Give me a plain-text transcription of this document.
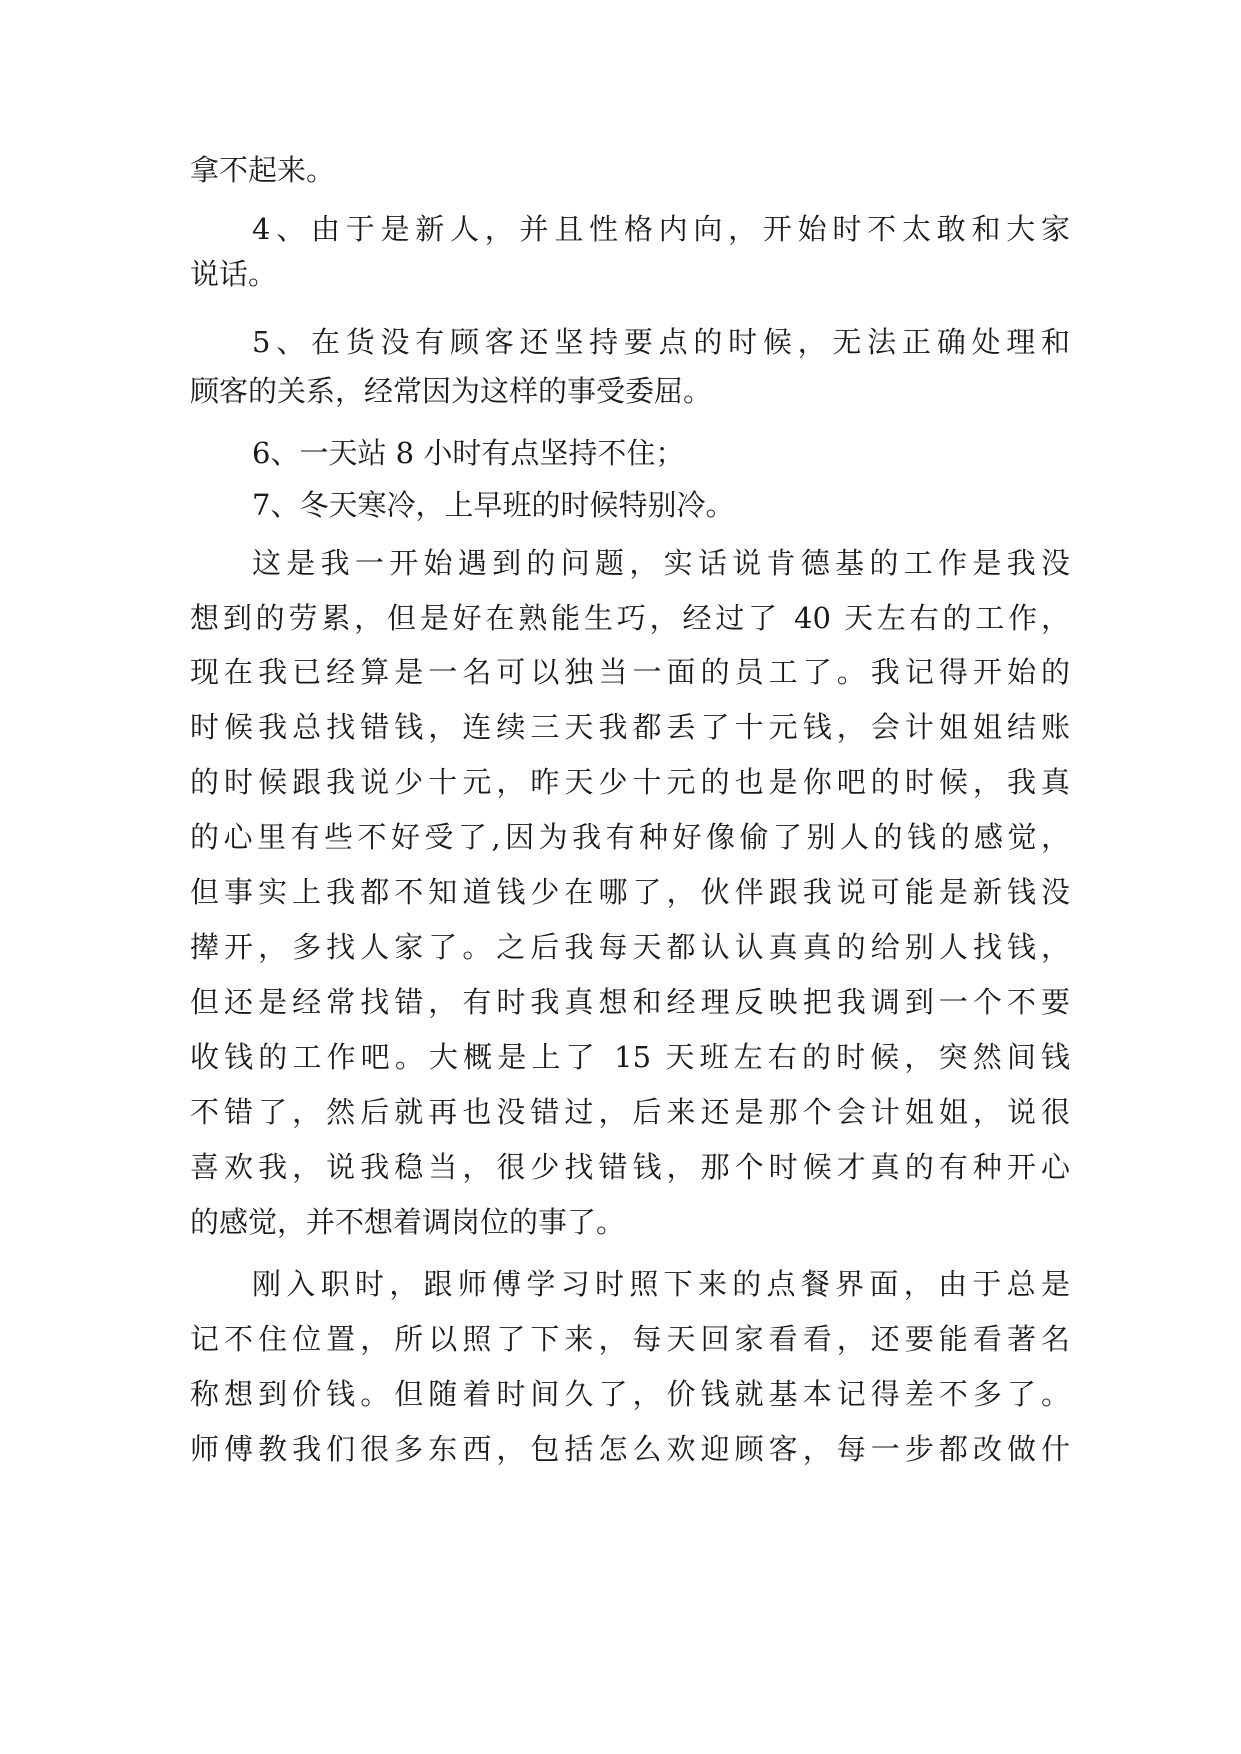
拿不起来。
4、由于是新人，并且性格内向，开始时不太敢和大家
说话。
5、在货没有顾客还坚持要点的时候，无法正确处理和
顾客的关系，经常因为这样的事受委屈。
6、一天站 8 小时有点坚持不住；
7、冬天寒冷，上早班的时候特别冷。
这是我一开始遇到的问题，实话说肯德基的工作是我没
想到的劳累，但是好在熟能生巧，经过了 40 天左右的工作，
现在我已经算是一名可以独当一面的员工了。我记得开始的
时候我总找错钱，连续三天我都丢了十元钱，会计姐姐结账
的时候跟我说少十元，昨天少十元的也是你吧的时候，我真
的心里有些不好受了,因为我有种好像偷了别人的钱的感觉，
但事实上我都不知道钱少在哪了，伙伴跟我说可能是新钱没
撵开，多找人家了。之后我每天都认认真真的给别人找钱，
但还是经常找错，有时我真想和经理反映把我调到一个不要
收钱的工作吧。大概是上了 15 天班左右的时候，突然间钱
不错了，然后就再也没错过，后来还是那个会计姐姐，说很
喜欢我，说我稳当，很少找错钱，那个时候才真的有种开心
的感觉，并不想着调岗位的事了。
刚入职时，跟师傅学习时照下来的点餐界面，由于总是
记不住位置，所以照了下来，每天回家看看，还要能看著名
称想到价钱。但随着时间久了，价钱就基本记得差不多了。
师傅教我们很多东西，包括怎么欢迎顾客，每一步都改做什
